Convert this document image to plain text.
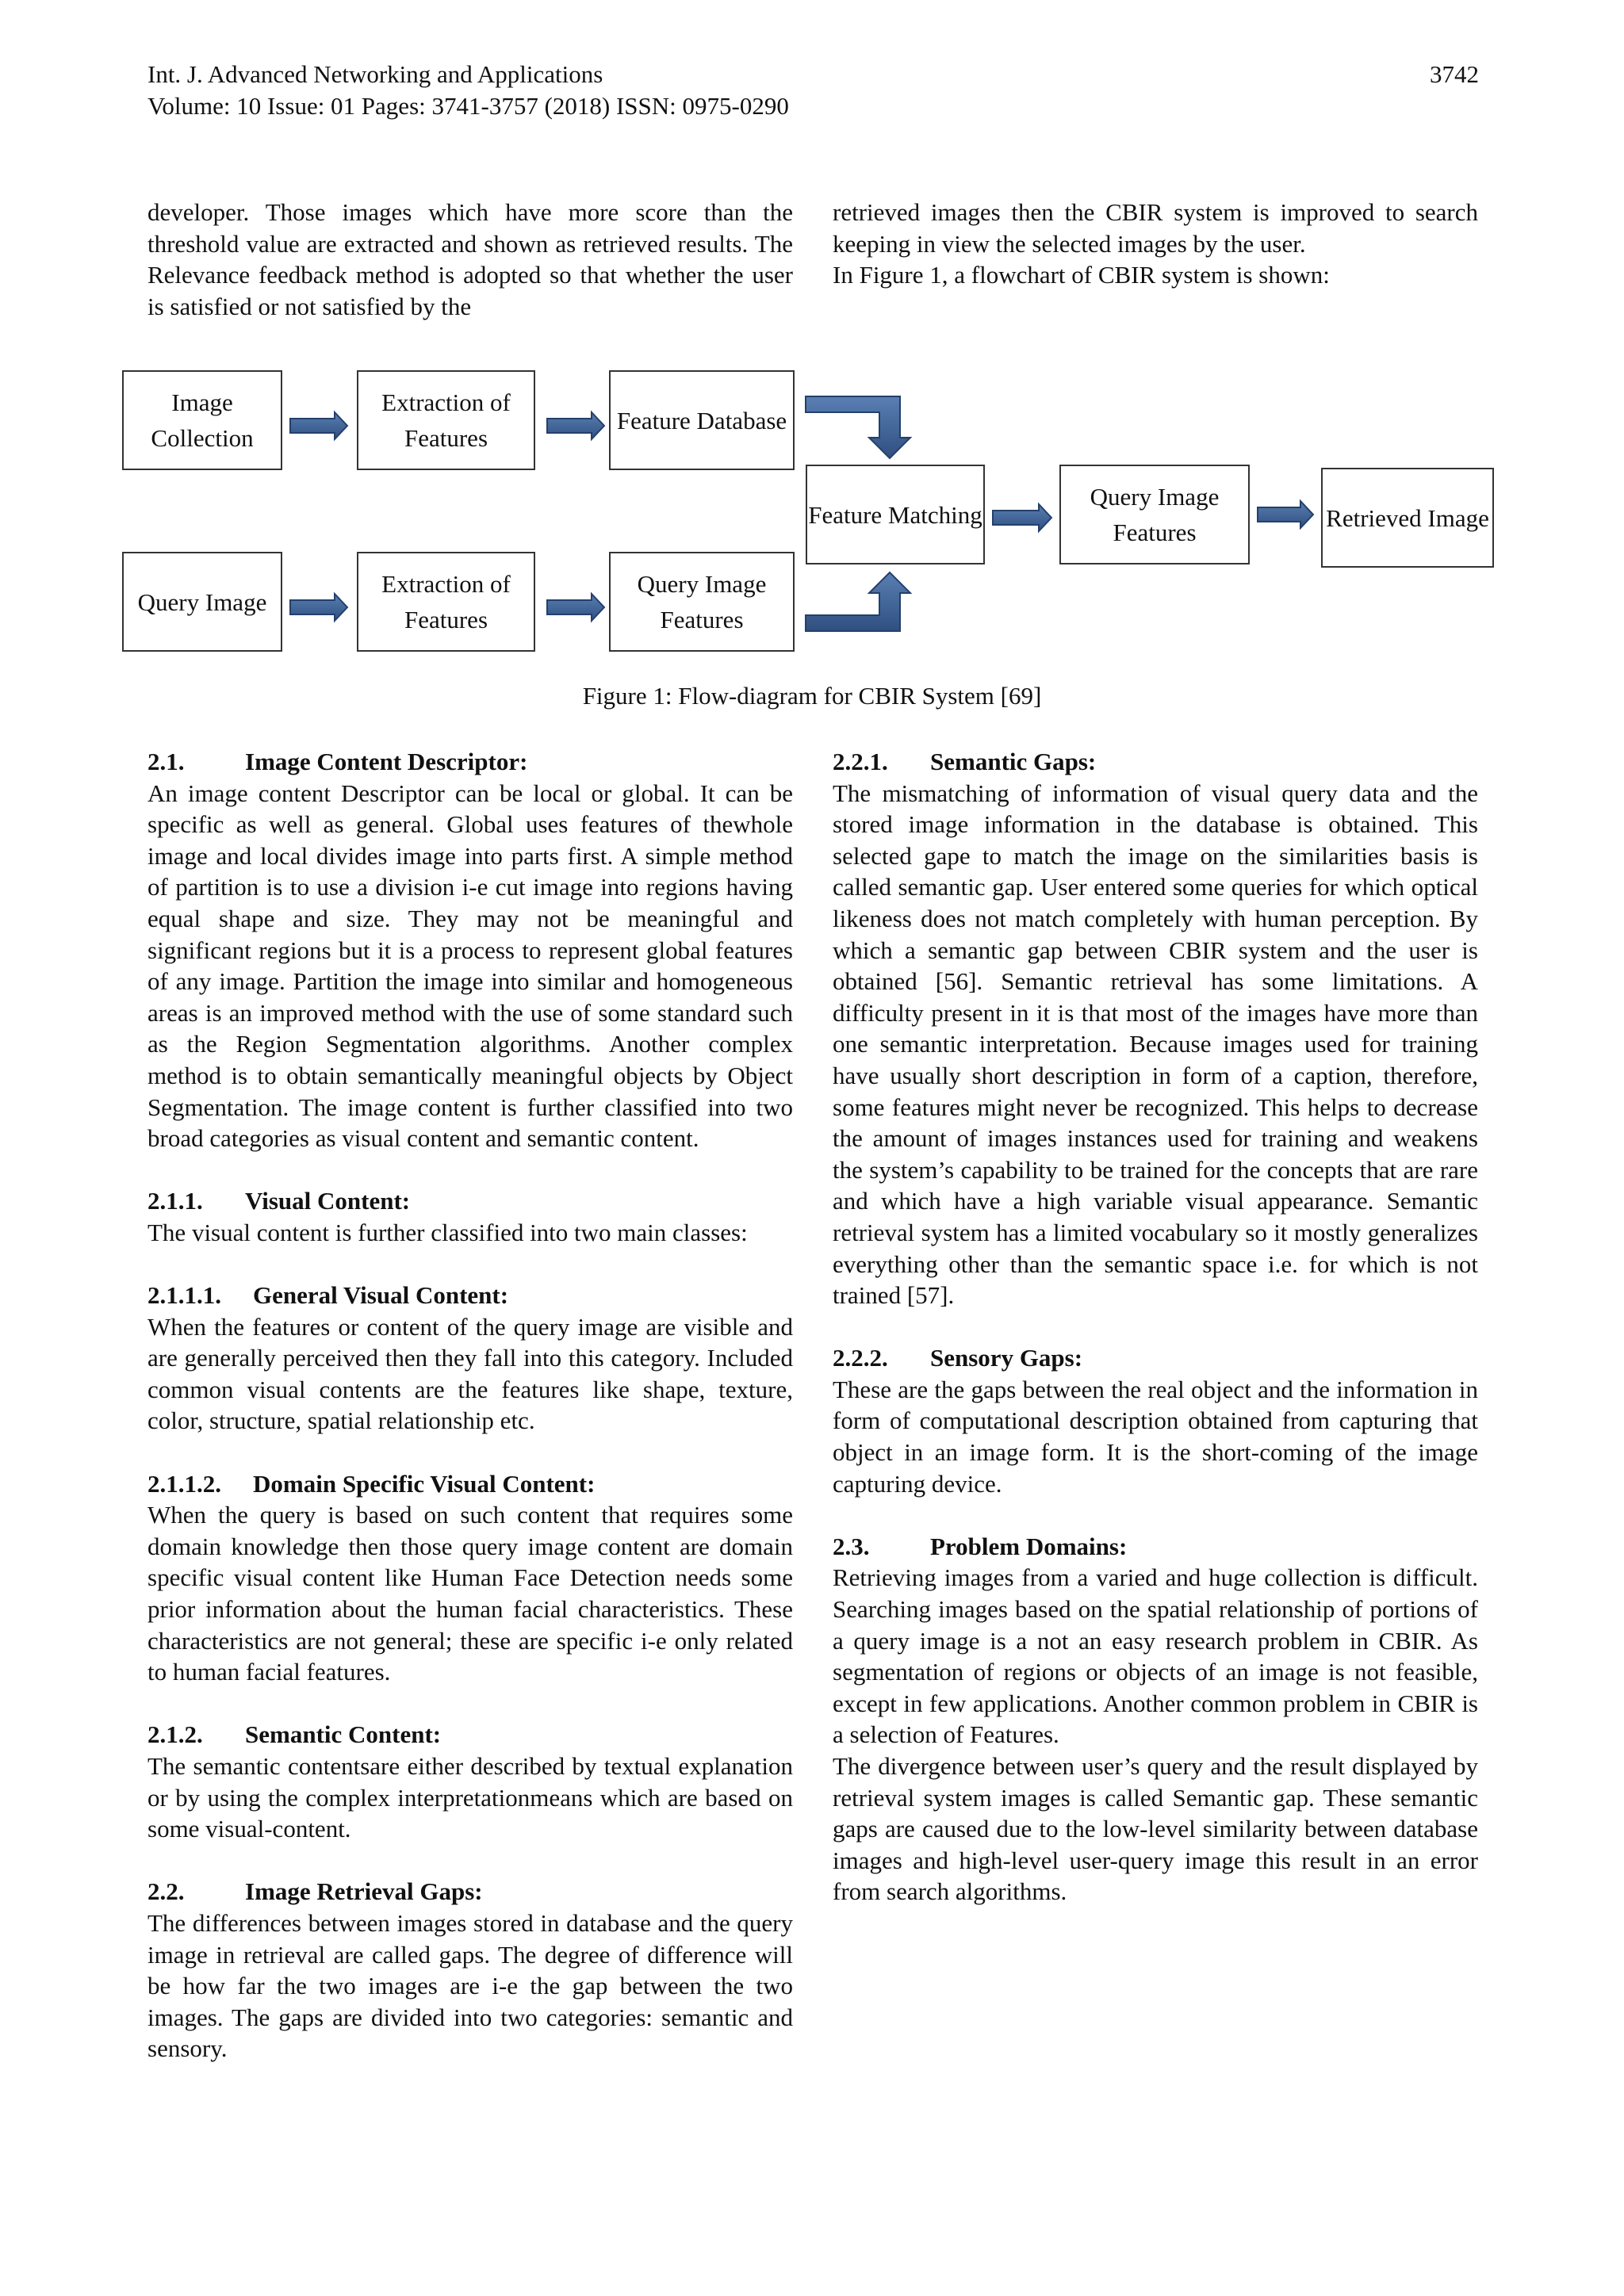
Int. J. Advanced Networking and Applications
Volume: 10 Issue: 01 Pages: 3741-3757 (2018) ISSN: 0975-0290
3742

developer. Those images which have more score than the threshold value are extracted and shown as retrieved results. The Relevance feedback method is adopted so that whether the user is satisfied or not satisfied by the

retrieved images then the CBIR system is improved to search keeping in view the selected images by the user.

In Figure 1, a flowchart of CBIR system is shown:

Image Collection
Extraction of Features
Feature Database
Feature Matching
Query Image Features
Retrieved Image
Query Image
Extraction of Features
Query Image Features
Figure 1: Flow-diagram for CBIR System [69]
2.1. Image Content Descriptor:

An image content Descriptor can be local or global. It can be specific as well as general. Global uses features of thewhole image and local divides image into parts first. A simple method of partition is to use a division i-e cut image into regions having equal shape and size. They may not be meaningful and significant regions but it is a process to represent global features of any image. Partition the image into similar and homogeneous areas is an improved method with the use of some standard such as the Region Segmentation algorithms. Another complex method is to obtain semantically meaningful objects by Object Segmentation. The image content is further classified into two broad categories as visual content and semantic content.

2.1.1. Visual Content:

The visual content is further classified into two main classes:

2.1.1.1. General Visual Content:

When the features or content of the query image are visible and are generally perceived then they fall into this category. Included common visual contents are the features like shape, texture, color, structure, spatial relationship etc.

2.1.1.2. Domain Specific Visual Content:

When the query is based on such content that requires some domain knowledge then those query image content are domain specific visual content like Human Face Detection needs some prior information about the human facial characteristics. These characteristics are not general; these are specific i-e only related to human facial features.

2.1.2. Semantic Content:

The semantic contentsare either described by textual explanation or by using the complex interpretationmeans which are based on some visual-content.

2.2. Image Retrieval Gaps:

The differences between images stored in database and the query image in retrieval are called gaps. The degree of difference will be how far the two images are i-e the gap between the two images. The gaps are divided into two categories: semantic and sensory.

2.2.1. Semantic Gaps:

The mismatching of information of visual query data and the stored image information in the database is obtained. This selected gape to match the image on the similarities basis is called semantic gap. User entered some queries for which optical likeness does not match completely with human perception. By which a semantic gap between CBIR system and the user is obtained [56]. Semantic retrieval has some limitations. A difficulty present in it is that most of the images have more than one semantic interpretation. Because images used for training have usually short description in form of a caption, therefore, some features might never be recognized. This helps to decrease the amount of images instances used for training and weakens the system’s capability to be trained for the concepts that are rare and which have a high variable visual appearance. Semantic retrieval system has a limited vocabulary so it mostly generalizes everything other than the semantic space i.e. for which is not trained [57].

2.2.2. Sensory Gaps:

These are the gaps between the real object and the information in form of computational description obtained from capturing that object in an image form. It is the short-coming of the image capturing device.

2.3. Problem Domains:

Retrieving images from a varied and huge collection is difficult. Searching images based on the spatial relationship of portions of a query image is a not an easy research problem in CBIR. As segmentation of regions or objects of an image is not feasible, except in few applications. Another common problem in CBIR is a selection of Features.

The divergence between user’s query and the result displayed by retrieval system images is called Semantic gap. These semantic gaps are caused due to the low-level similarity between database images and high-level user-query image this result in an error from search algorithms.
